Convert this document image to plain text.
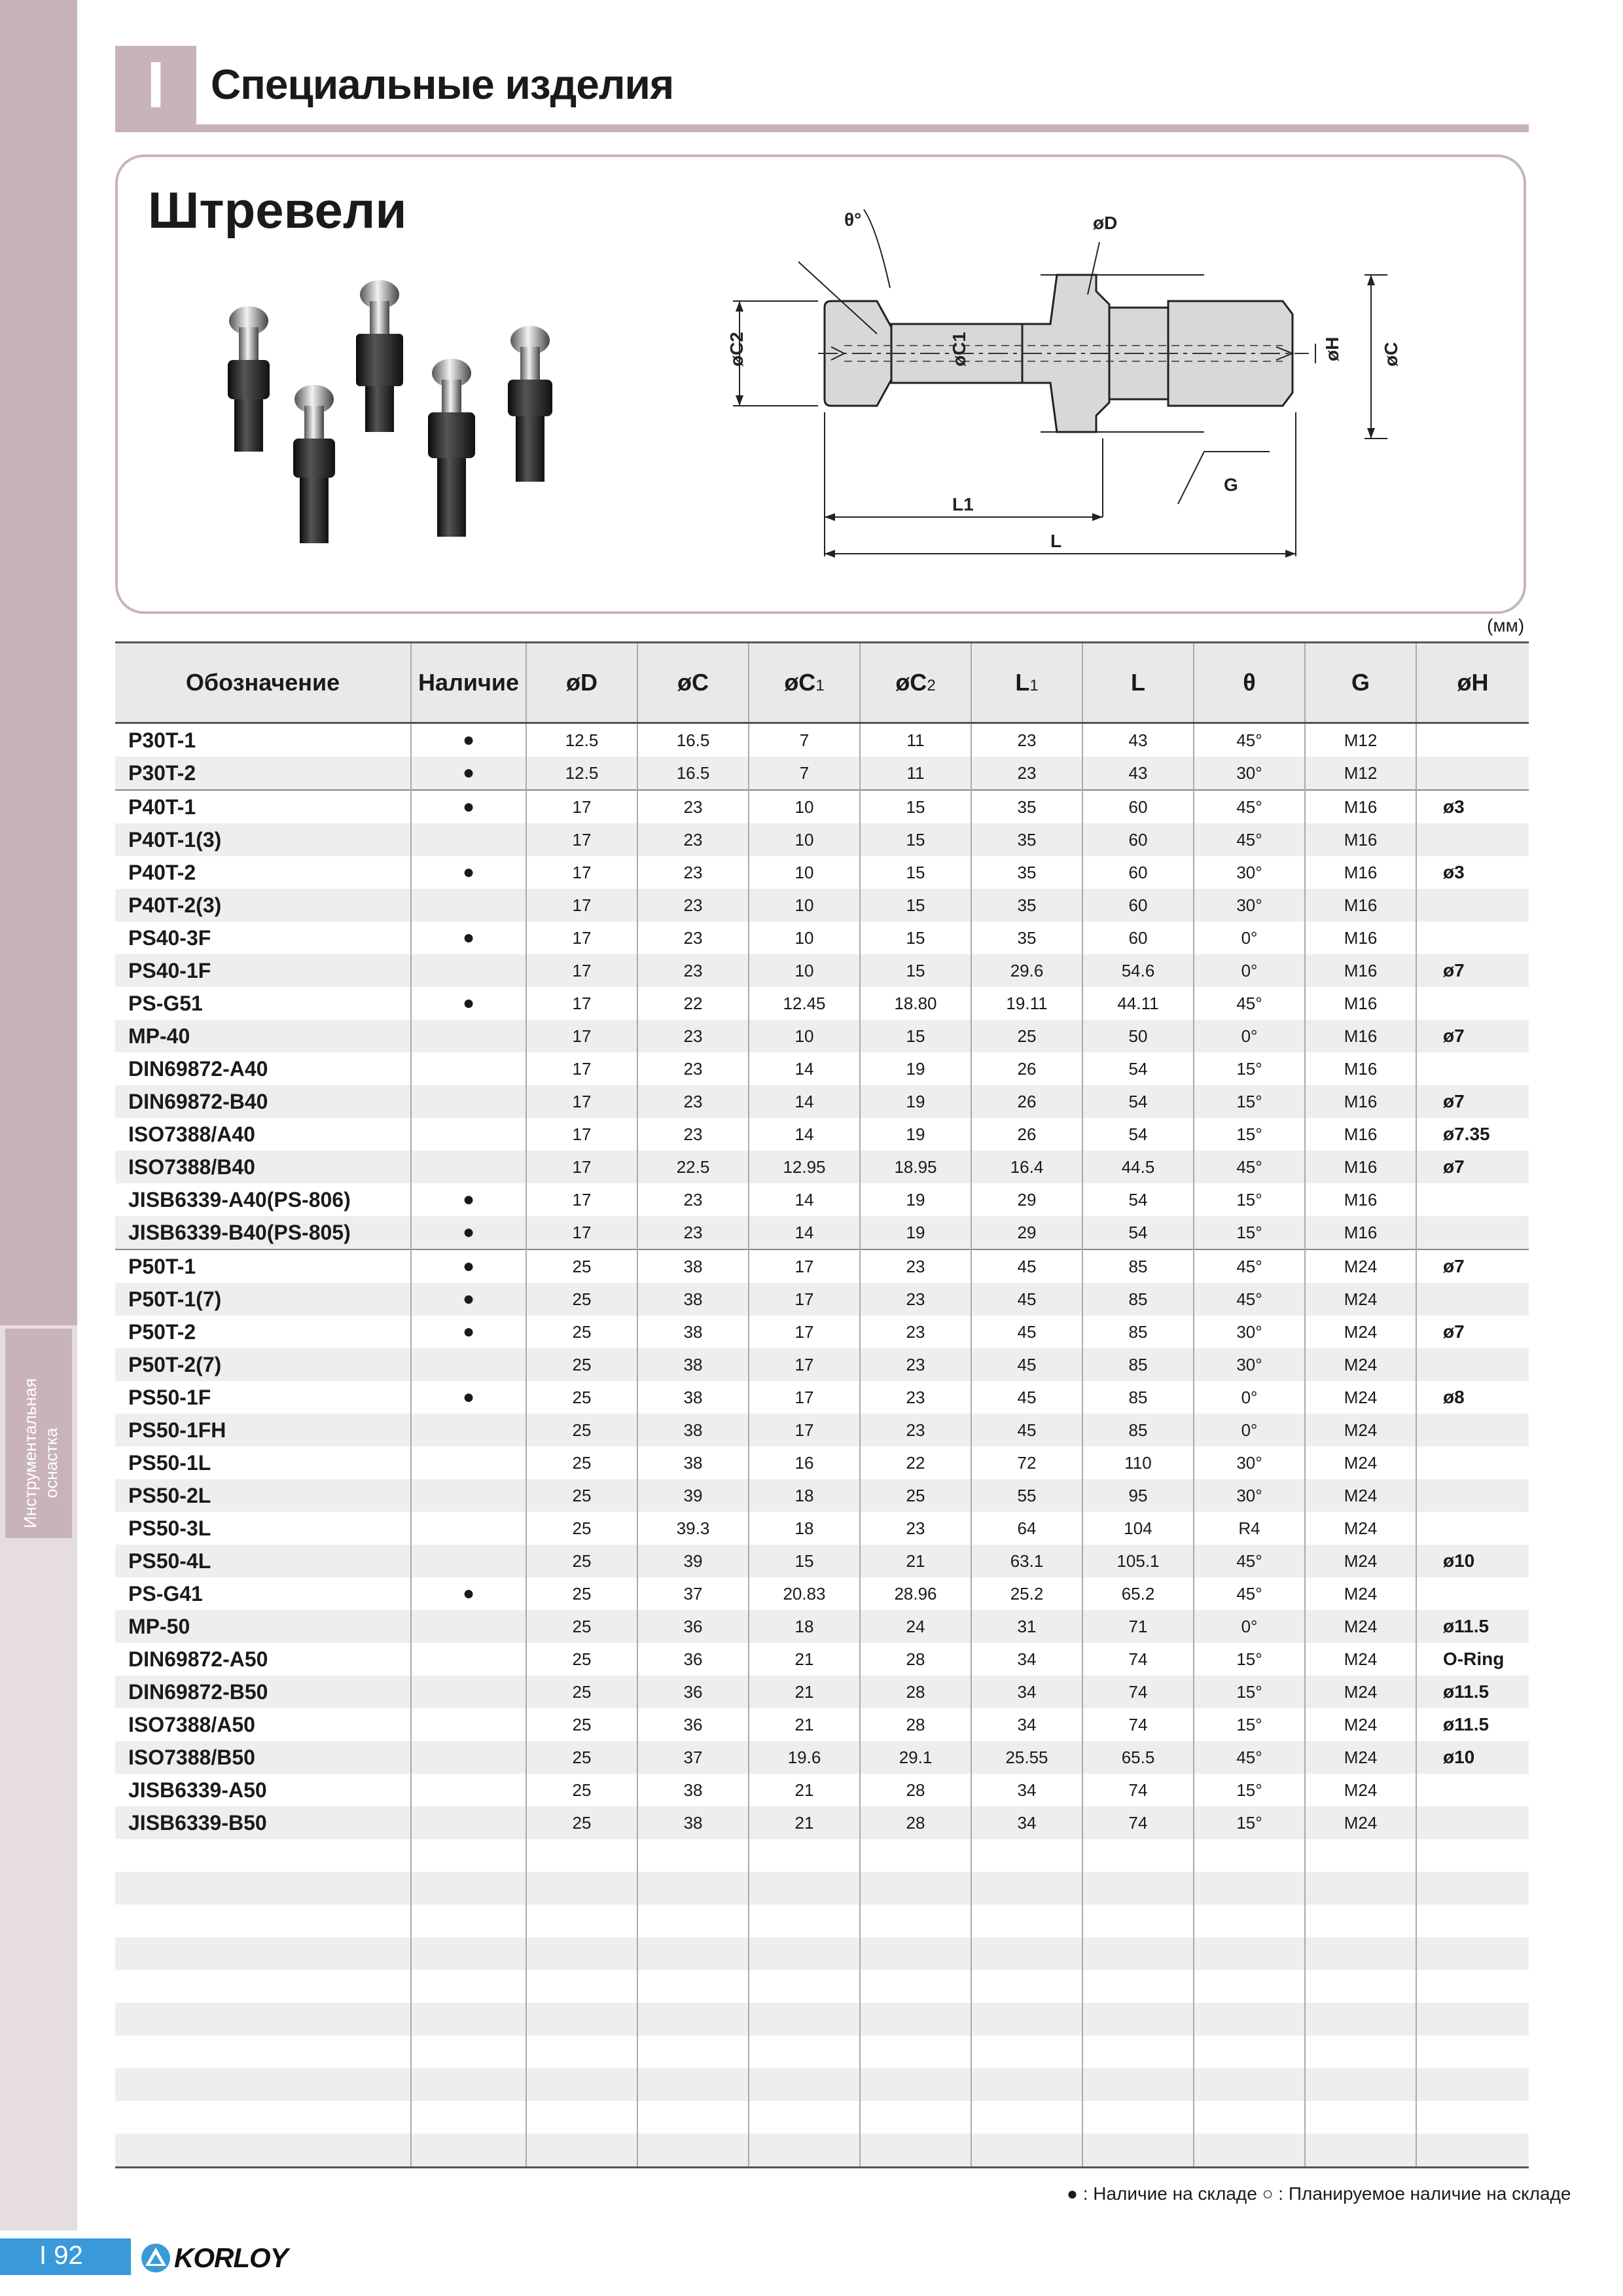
Инструментальная оснастка
I	Специальные изделия
Штревели	θ°	øD
øC2	øC1	øH øC
G
L1
L
(мм)
Обозначение	Наличие	øD	øC	øC1	øC2	L1	L	θ	G	øH
P30T-1	●	12.5	16.5	7	11	23	43	45°	M12	
P30T-2	●	12.5	16.5	7	11	23	43	30°	M12	
P40T-1	●	17	23	10	15	35	60	45°	M16	ø3
P40T-1(3)		17	23	10	15	35	60	45°	M16	
P40T-2	●	17	23	10	15	35	60	30°	M16	ø3
P40T-2(3)		17	23	10	15	35	60	30°	M16	
PS40-3F	●	17	23	10	15	35	60	0°	M16	
PS40-1F		17	23	10	15	29.6	54.6	0°	M16	ø7
PS-G51	●	17	22	12.45	18.80	19.11	44.11	45°	M16	
MP-40		17	23	10	15	25	50	0°	M16	ø7
DIN69872-A40		17	23	14	19	26	54	15°	M16	
DIN69872-B40		17	23	14	19	26	54	15°	M16	ø7
ISO7388/A40		17	23	14	19	26	54	15°	M16	ø7.35
ISO7388/B40		17	22.5	12.95	18.95	16.4	44.5	45°	M16	ø7
JISB6339-A40(PS-806)	●	17	23	14	19	29	54	15°	M16	
JISB6339-B40(PS-805)	●	17	23	14	19	29	54	15°	M16	
P50T-1	●	25	38	17	23	45	85	45°	M24	ø7
P50T-1(7)	●	25	38	17	23	45	85	45°	M24	
P50T-2	●	25	38	17	23	45	85	30°	M24	ø7
P50T-2(7)		25	38	17	23	45	85	30°	M24	
PS50-1F	●	25	38	17	23	45	85	0°	M24	ø8
PS50-1FH		25	38	17	23	45	85	0°	M24	
PS50-1L		25	38	16	22	72	110	30°	M24	
PS50-2L		25	39	18	25	55	95	30°	M24	
PS50-3L		25	39.3	18	23	64	104	R4	M24	
PS50-4L		25	39	15	21	63.1	105.1	45°	M24	ø10
PS-G41	●	25	37	20.83	28.96	25.2	65.2	45°	M24	
MP-50		25	36	18	24	31	71	0°	M24	ø11.5
DIN69872-A50		25	36	21	28	34	74	15°	M24	O-Ring
DIN69872-B50		25	36	21	28	34	74	15°	M24	ø11.5
ISO7388/A50		25	36	21	28	34	74	15°	M24	ø11.5
ISO7388/B50		25	37	19.6	29.1	25.55	65.5	45°	M24	ø10
JISB6339-A50		25	38	21	28	34	74	15°	M24	
JISB6339-B50		25	38	21	28	34	74	15°	M24	

● : Наличие на складе ○ : Планируемое наличие на складе
I 92	KORLOY
